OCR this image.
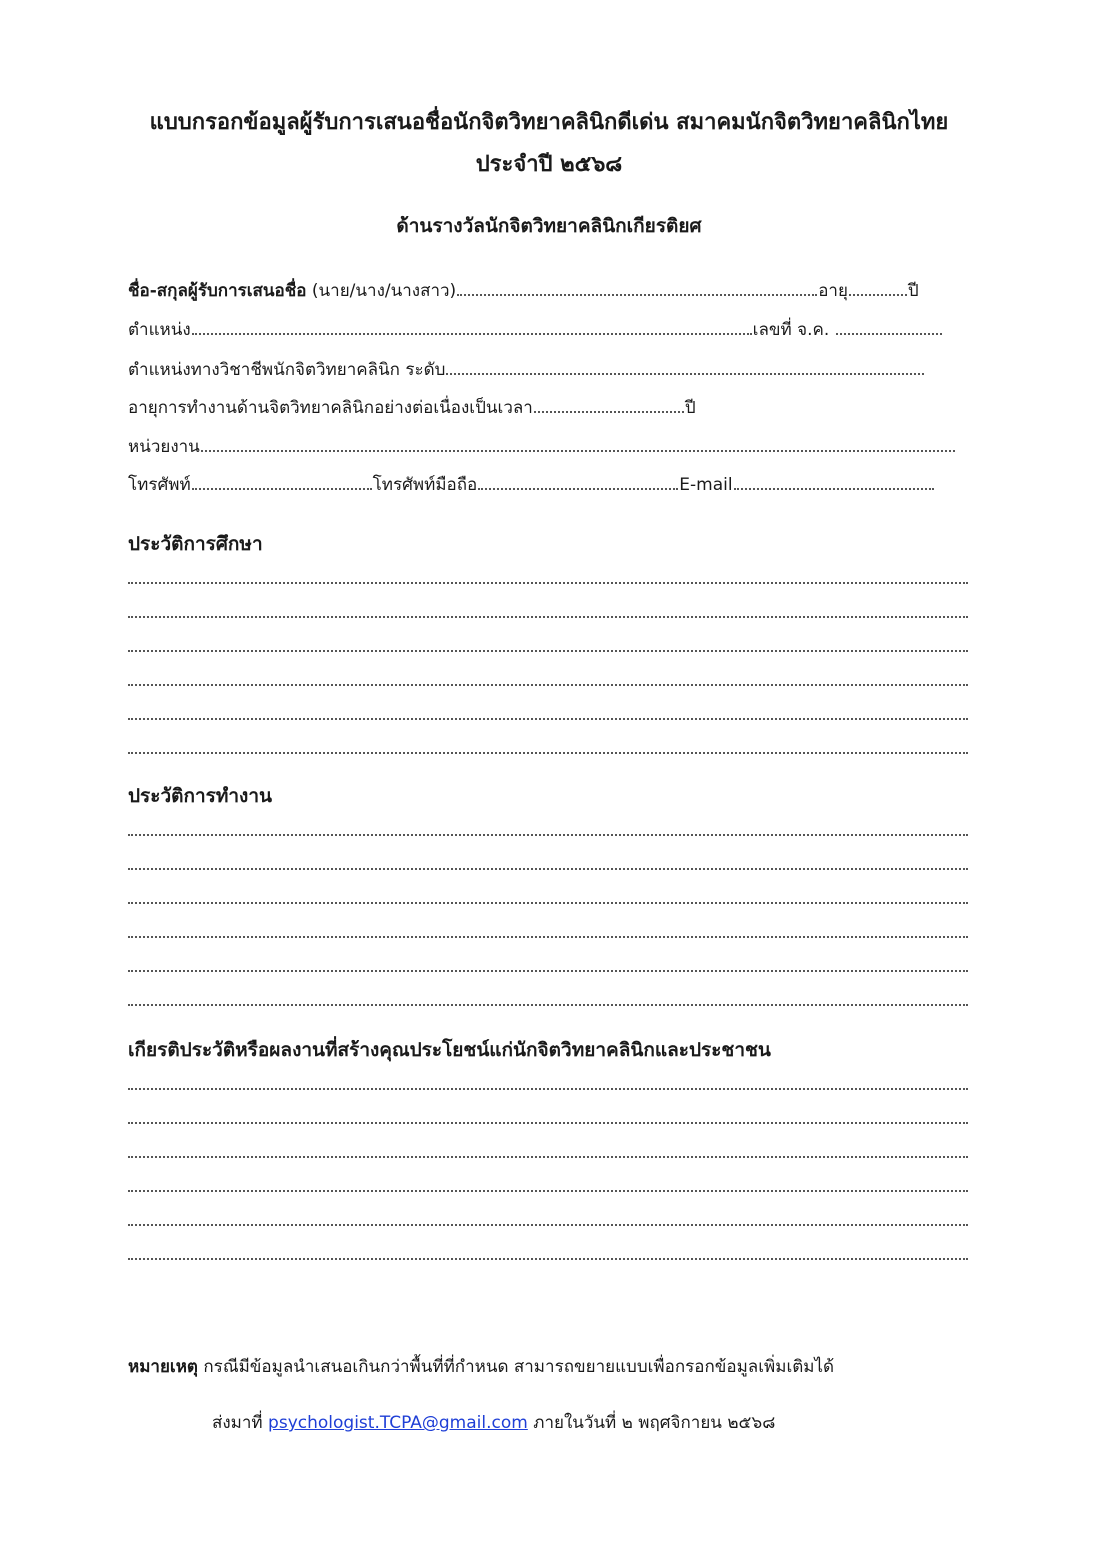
แบบกรอกข้อมูลผู้รับการเสนอชื่อนักจิตวิทยาคลินิกดีเด่น สมาคมนักจิตวิทยาคลินิกไทย
ประจำปี ๒๕๖๘
ด้านรางวัลนักจิตวิทยาคลินิกเกียรติยศ
ชื่อ-สกุลผู้รับการเสนอชื่อ (นาย/นาง/นางสาว)	อายุ	ปี
ตำแหน่ง	เลขที่ จ.ค.
ตำแหน่งทางวิชาชีพนักจิตวิทยาคลินิก ระดับ
อายุการทำงานด้านจิตวิทยาคลินิกอย่างต่อเนื่องเป็นเวลา	ปี
หน่วยงาน
โทรศัพท์	โทรศัพท์มือถือ	E-mail
ประวัติการศึกษา
ประวัติการทำงาน
เกียรติประวัติหรือผลงานที่สร้างคุณประโยชน์แก่นักจิตวิทยาคลินิกและประชาชน
หมายเหตุ กรณีมีข้อมูลนำเสนอเกินกว่าพื้นที่ที่กำหนด สามารถขยายแบบเพื่อกรอกข้อมูลเพิ่มเติมได้
ส่งมาที่ psychologist.TCPA@gmail.com ภายในวันที่ ๒ พฤศจิกายน ๒๕๖๘
